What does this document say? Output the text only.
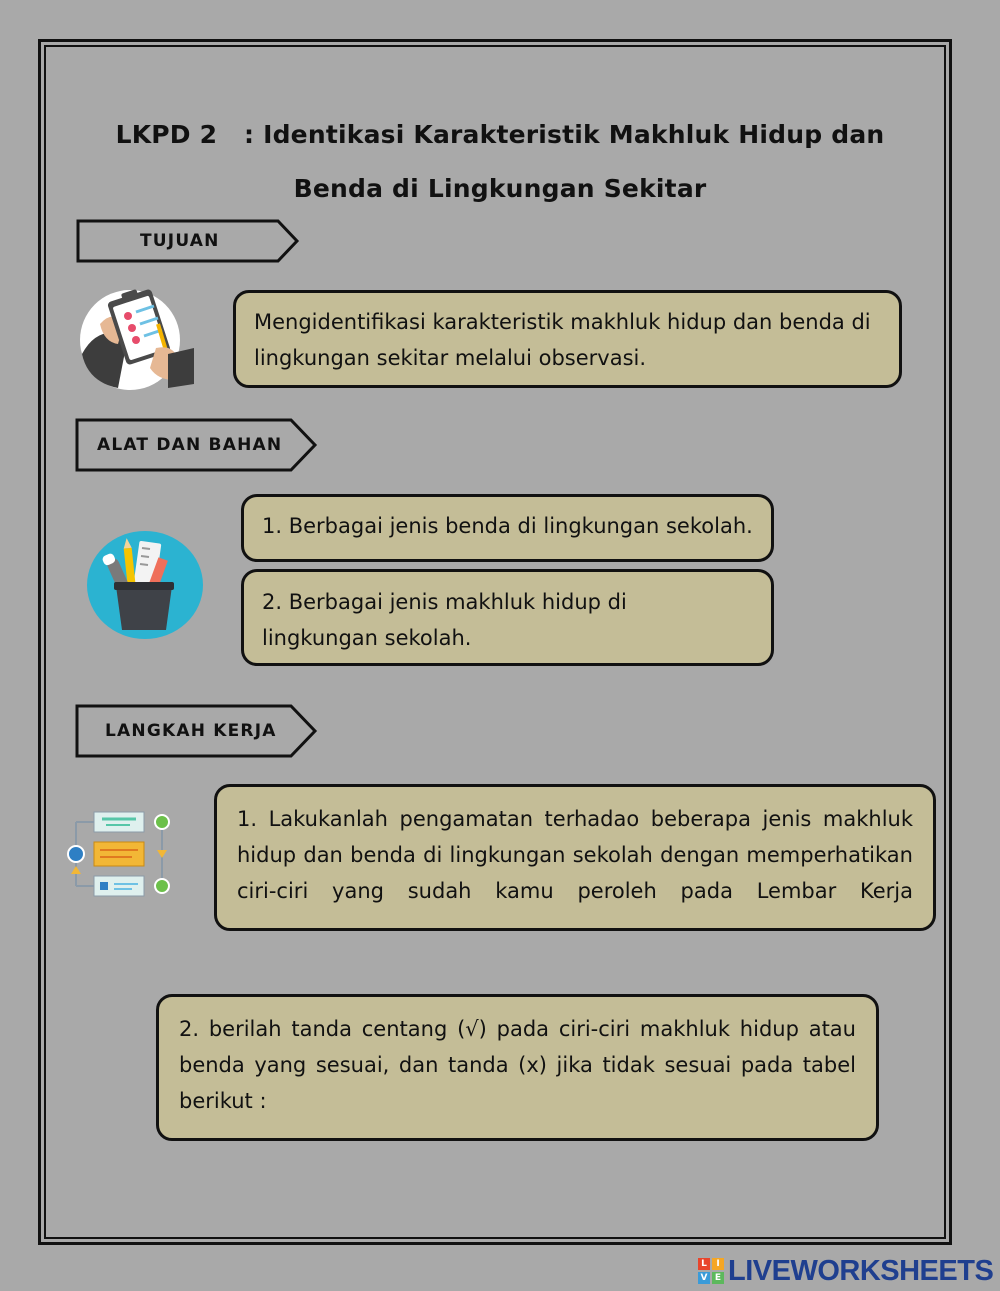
LKPD 2   : Identikasi Karakteristik Makhluk Hidup dan
Benda di Lingkungan Sekitar
TUJUAN
Mengidentifikasi karakteristik makhluk hidup dan benda di lingkungan sekitar melalui observasi.
ALAT DAN BAHAN
1. Berbagai jenis benda di lingkungan sekolah.
2. Berbagai jenis makhluk hidup di lingkungan sekolah.
LANGKAH KERJA
1. Lakukanlah pengamatan terhadao beberapa jenis makhluk hidup dan benda di lingkungan sekolah dengan memperhatikan ciri-ciri yang sudah kamu peroleh pada Lembar Kerja
2. berilah tanda centang (√) pada ciri-ciri makhluk hidup atau benda yang sesuai, dan tanda (x) jika tidak sesuai pada tabel berikut :
L	I
V E LIVEWORKSHEETS
